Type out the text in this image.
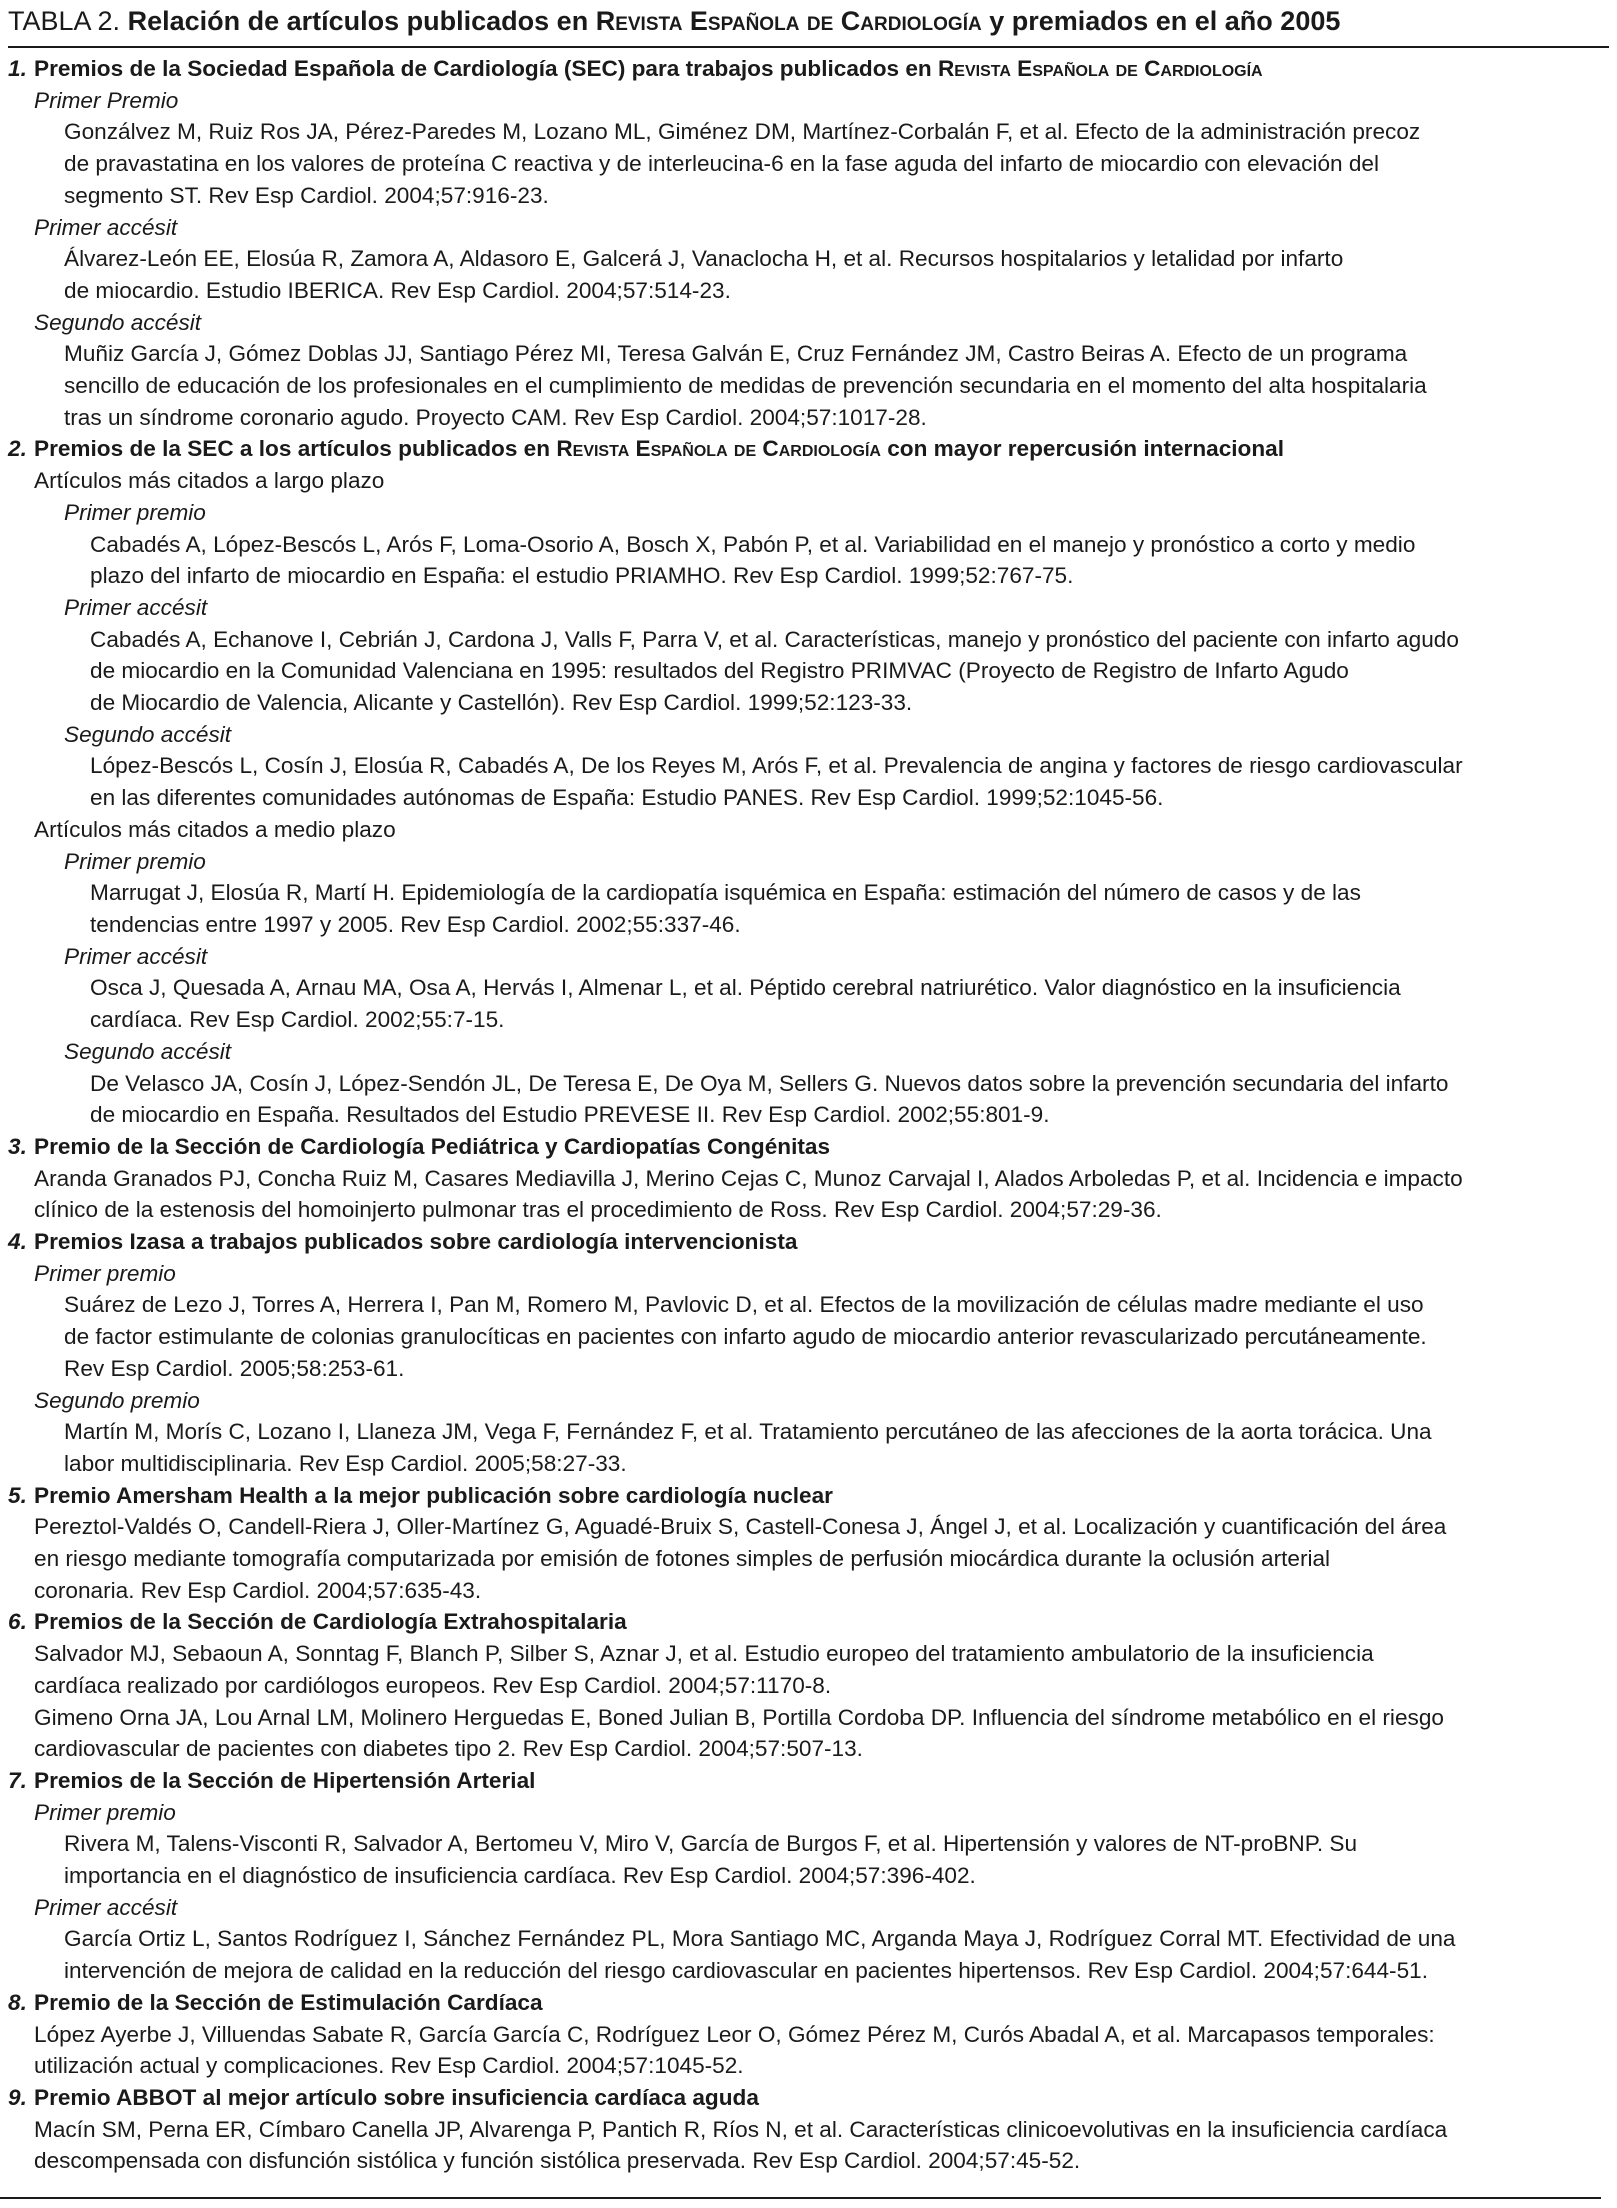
TABLA 2. Relación de artículos publicados en Revista Española de Cardiología y premiados en el año 2005
1. Premios de la Sociedad Española de Cardiología (SEC) para trabajos publicados en Revista Española de Cardiología
Primer Premio
Gonzálvez M, Ruiz Ros JA, Pérez-Paredes M, Lozano ML, Giménez DM, Martínez-Corbalán F, et al. Efecto de la administración precoz
de pravastatina en los valores de proteína C reactiva y de interleucina-6 en la fase aguda del infarto de miocardio con elevación del
segmento ST. Rev Esp Cardiol. 2004;57:916-23.
Primer accésit
Álvarez-León EE, Elosúa R, Zamora A, Aldasoro E, Galcerá J, Vanaclocha H, et al. Recursos hospitalarios y letalidad por infarto
de miocardio. Estudio IBERICA. Rev Esp Cardiol. 2004;57:514-23.
Segundo accésit
Muñiz García J, Gómez Doblas JJ, Santiago Pérez MI, Teresa Galván E, Cruz Fernández JM, Castro Beiras A. Efecto de un programa
sencillo de educación de los profesionales en el cumplimiento de medidas de prevención secundaria en el momento del alta hospitalaria
tras un síndrome coronario agudo. Proyecto CAM. Rev Esp Cardiol. 2004;57:1017-28.
2. Premios de la SEC a los artículos publicados en Revista Española de Cardiología con mayor repercusión internacional
Artículos más citados a largo plazo
Primer premio
Cabadés A, López-Bescós L, Arós F, Loma-Osorio A, Bosch X, Pabón P, et al. Variabilidad en el manejo y pronóstico a corto y medio
plazo del infarto de miocardio en España: el estudio PRIAMHO. Rev Esp Cardiol. 1999;52:767-75.
Primer accésit
Cabadés A, Echanove I, Cebrián J, Cardona J, Valls F, Parra V, et al. Características, manejo y pronóstico del paciente con infarto agudo
de miocardio en la Comunidad Valenciana en 1995: resultados del Registro PRIMVAC (Proyecto de Registro de Infarto Agudo
de Miocardio de Valencia, Alicante y Castellón). Rev Esp Cardiol. 1999;52:123-33.
Segundo accésit
López-Bescós L, Cosín J, Elosúa R, Cabadés A, De los Reyes M, Arós F, et al. Prevalencia de angina y factores de riesgo cardiovascular
en las diferentes comunidades autónomas de España: Estudio PANES. Rev Esp Cardiol. 1999;52:1045-56.
Artículos más citados a medio plazo
Primer premio
Marrugat J, Elosúa R, Martí H. Epidemiología de la cardiopatía isquémica en España: estimación del número de casos y de las
tendencias entre 1997 y 2005. Rev Esp Cardiol. 2002;55:337-46.
Primer accésit
Osca J, Quesada A, Arnau MA, Osa A, Hervás I, Almenar L, et al. Péptido cerebral natriurético. Valor diagnóstico en la insuficiencia
cardíaca. Rev Esp Cardiol. 2002;55:7-15.
Segundo accésit
De Velasco JA, Cosín J, López-Sendón JL, De Teresa E, De Oya M, Sellers G. Nuevos datos sobre la prevención secundaria del infarto
de miocardio en España. Resultados del Estudio PREVESE II. Rev Esp Cardiol. 2002;55:801-9.
3. Premio de la Sección de Cardiología Pediátrica y Cardiopatías Congénitas
Aranda Granados PJ, Concha Ruiz M, Casares Mediavilla J, Merino Cejas C, Munoz Carvajal I, Alados Arboledas P, et al. Incidencia e impacto
clínico de la estenosis del homoinjerto pulmonar tras el procedimiento de Ross. Rev Esp Cardiol. 2004;57:29-36.
4. Premios Izasa a trabajos publicados sobre cardiología intervencionista
Primer premio
Suárez de Lezo J, Torres A, Herrera I, Pan M, Romero M, Pavlovic D, et al. Efectos de la movilización de células madre mediante el uso
de factor estimulante de colonias granulocíticas en pacientes con infarto agudo de miocardio anterior revascularizado percutáneamente.
Rev Esp Cardiol. 2005;58:253-61.
Segundo premio
Martín M, Morís C, Lozano I, Llaneza JM, Vega F, Fernández F, et al. Tratamiento percutáneo de las afecciones de la aorta torácica. Una
labor multidisciplinaria. Rev Esp Cardiol. 2005;58:27-33.
5. Premio Amersham Health a la mejor publicación sobre cardiología nuclear
Pereztol-Valdés O, Candell-Riera J, Oller-Martínez G, Aguadé-Bruix S, Castell-Conesa J, Ángel J, et al. Localización y cuantificación del área
en riesgo mediante tomografía computarizada por emisión de fotones simples de perfusión miocárdica durante la oclusión arterial
coronaria. Rev Esp Cardiol. 2004;57:635-43.
6. Premios de la Sección de Cardiología Extrahospitalaria
Salvador MJ, Sebaoun A, Sonntag F, Blanch P, Silber S, Aznar J, et al. Estudio europeo del tratamiento ambulatorio de la insuficiencia
cardíaca realizado por cardiólogos europeos. Rev Esp Cardiol. 2004;57:1170-8.
Gimeno Orna JA, Lou Arnal LM, Molinero Herguedas E, Boned Julian B, Portilla Cordoba DP. Influencia del síndrome metabólico en el riesgo
cardiovascular de pacientes con diabetes tipo 2. Rev Esp Cardiol. 2004;57:507-13.
7. Premios de la Sección de Hipertensión Arterial
Primer premio
Rivera M, Talens-Visconti R, Salvador A, Bertomeu V, Miro V, García de Burgos F, et al. Hipertensión y valores de NT-proBNP. Su
importancia en el diagnóstico de insuficiencia cardíaca. Rev Esp Cardiol. 2004;57:396-402.
Primer accésit
García Ortiz L, Santos Rodríguez I, Sánchez Fernández PL, Mora Santiago MC, Arganda Maya J, Rodríguez Corral MT. Efectividad de una
intervención de mejora de calidad en la reducción del riesgo cardiovascular en pacientes hipertensos. Rev Esp Cardiol. 2004;57:644-51.
8. Premio de la Sección de Estimulación Cardíaca
López Ayerbe J, Villuendas Sabate R, García García C, Rodríguez Leor O, Gómez Pérez M, Curós Abadal A, et al. Marcapasos temporales:
utilización actual y complicaciones. Rev Esp Cardiol. 2004;57:1045-52.
9. Premio ABBOT al mejor artículo sobre insuficiencia cardíaca aguda
Macín SM, Perna ER, Címbaro Canella JP, Alvarenga P, Pantich R, Ríos N, et al. Características clinicoevolutivas en la insuficiencia cardíaca
descompensada con disfunción sistólica y función sistólica preservada. Rev Esp Cardiol. 2004;57:45-52.
